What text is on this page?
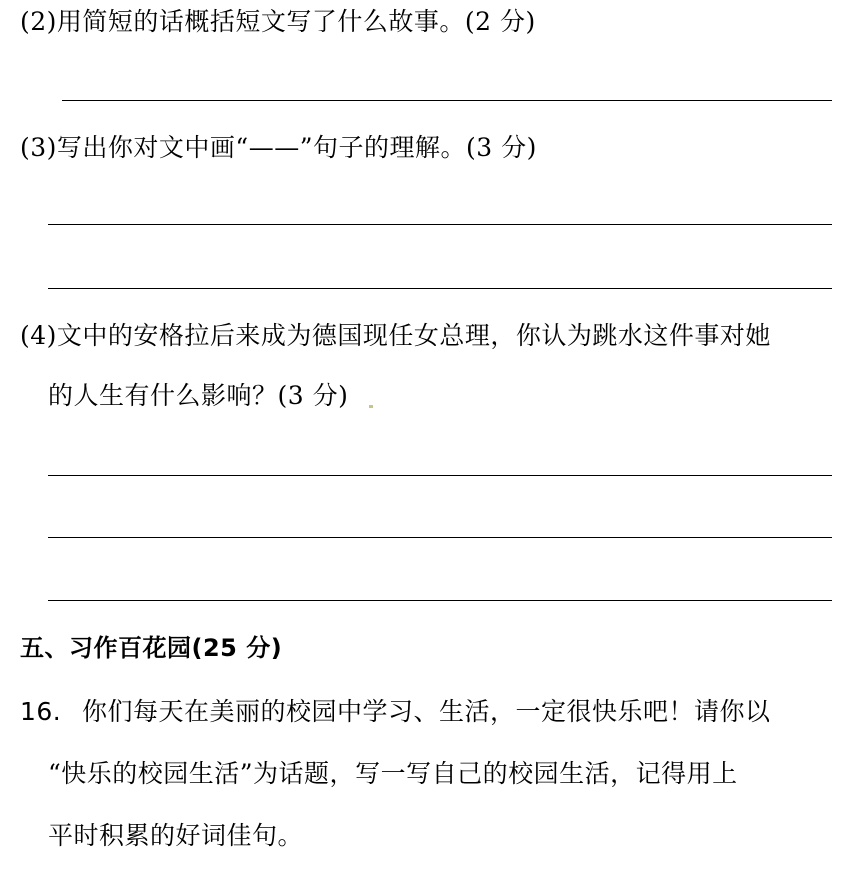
(2)用简短的话概括短文写了什么故事。(2 分)
(3)写出你对文中画“——”句子的理解。(3 分)
(4)文中的安格拉后来成为德国现任女总理，你认为跳水这件事对她
的人生有什么影响？(3 分)
五、习作百花园(25 分)
16. 你们每天在美丽的校园中学习、生活，一定很快乐吧！请你以
“快乐的校园生活”为话题，写一写自己的校园生活，记得用上
平时积累的好词佳句。
